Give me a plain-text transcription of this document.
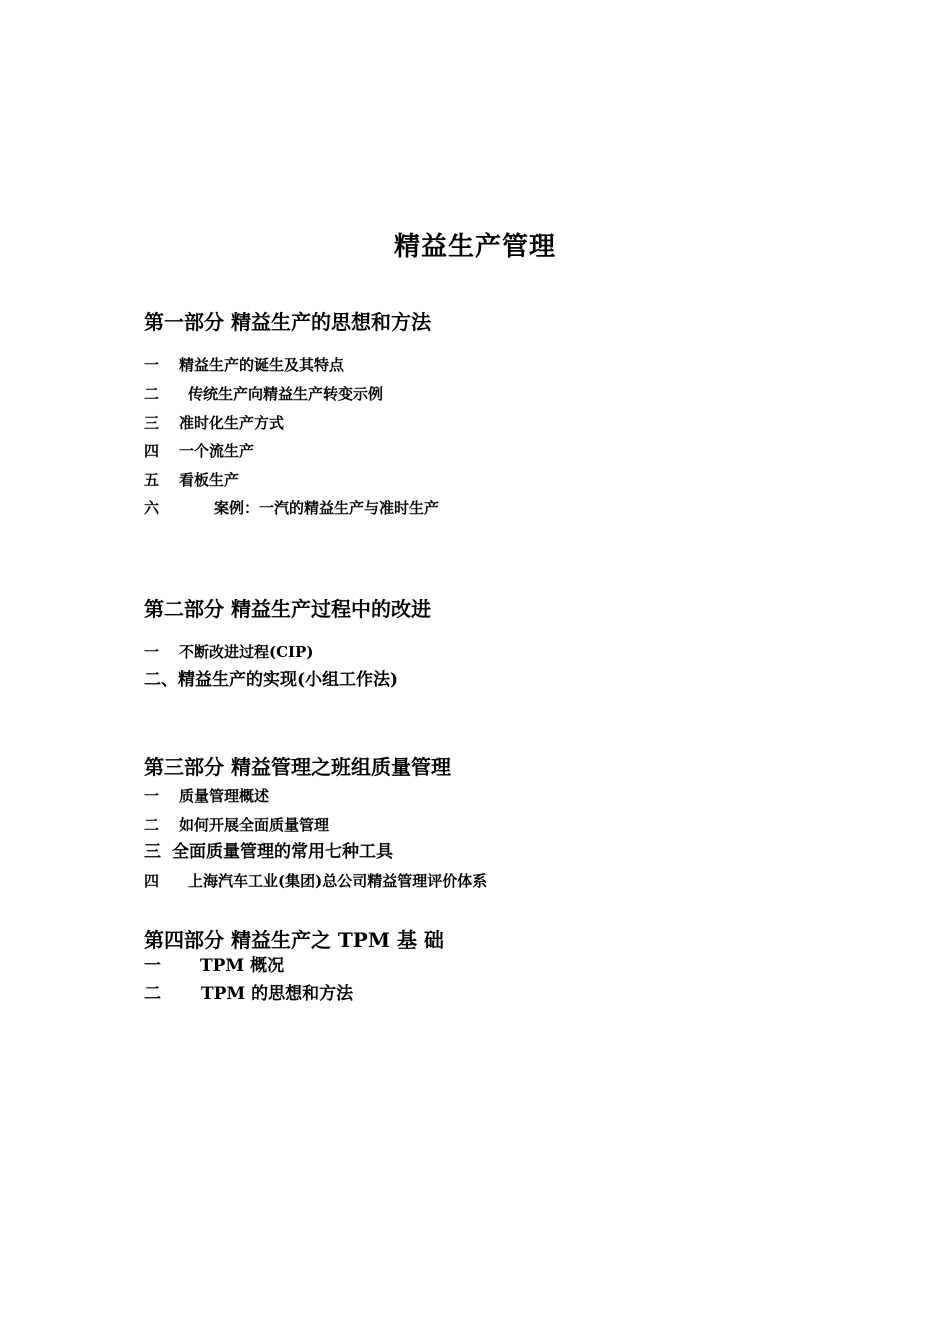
精益生产管理
第一部分 精益生产的思想和方法
一 精益生产的诞生及其特点
二 传统生产向精益生产转变示例
三 准时化生产方式
四 一个流生产
五 看板生产
六	案例：一汽的精益生产与准时生产
第二部分 精益生产过程中的改进
一 不断改进过程(CIP)
二、精益生产的实现(小组工作法)
第三部分 精益管理之班组质量管理
一 质量管理概述
二 如何开展全面质量管理
三 全面质量管理的常用七种工具
四 上海汽车工业(集团)总公司精益管理评价体系
第四部分 精益生产之 TPM 基 础
一 TPM 概况
二 TPM 的思想和方法
